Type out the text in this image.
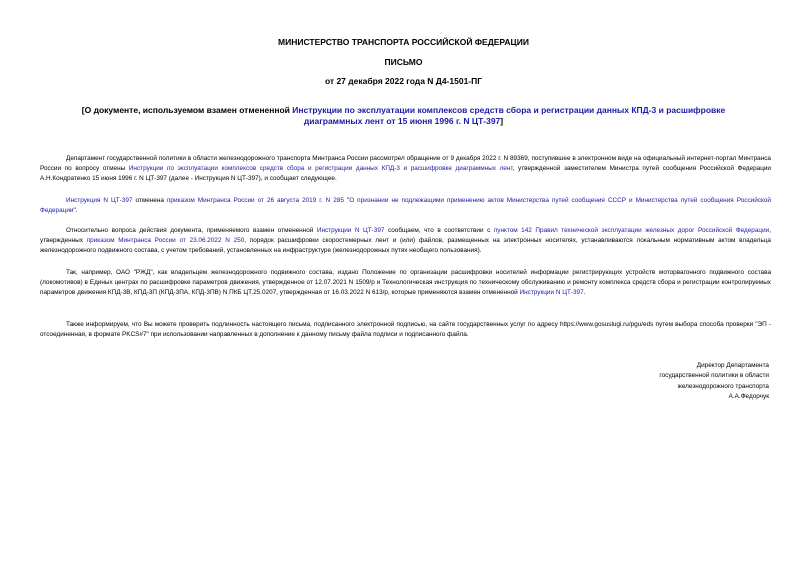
МИНИСТЕРСТВО ТРАНСПОРТА РОССИЙСКОЙ ФЕДЕРАЦИИ
ПИСЬМО
от 27 декабря 2022 года N Д4-1501-ПГ
[О документе, используемом взамен отмененной Инструкции по эксплуатации комплексов средств сбора и регистрации данных КПД-3 и расшифровке диаграммных лент от 15 июня 1996 г. N ЦТ-397]
Департамент государственной политики в области железнодорожного транспорта Минтранса России рассмотрел обращение от 9 декабря 2022 г. N 89369, поступившее в электронном виде на официальный интернет-портал Минтранса России по вопросу отмены Инструкции по эксплуатации комплексов средств сбора и регистрации данных КПД-3 и расшифровке диаграммных лент, утвержденной заместителем Министра путей сообщения Российской Федерации А.Н.Кондратенко 15 июня 1996 г. N ЦТ-397 (далее - Инструкция N ЦТ-397), и сообщает следующее.
Инструкция N ЦТ-397 отменена приказом Минтранса России от 26 августа 2019 г. N 285 "О признании не подлежащими применению актов Министерства путей сообщения СССР и Министерства путей сообщения Российской Федерации".
Относительно вопроса действия документа, применяемого взамен отмененной Инструкции N ЦТ-397 сообщаем, что в соответствии с пунктом 142 Правил технической эксплуатации железных дорог Российской Федерации, утвержденных приказом Минтранса России от 23.06.2022 N 250, порядок расшифровки скоростемерных лент и (или) файлов, размещенных на электронных носителях, устанавливаются локальным нормативным актом владельца железнодорожного подвижного состава, с учетом требований, установленных на инфраструктуре (железнодорожных путях необщего пользования).
Так, например, ОАО "РЖД", как владельцем железнодорожного подвижного состава, издано Положение по организации расшифровки носителей информации регистрирующих устройств моторвагонного подвижного состава (локомотивов) в Единых центрах по расшифровке параметров движения, утвержденное от 12.07.2021 N 1509/р и Технологическая инструкция по техническому обслуживанию и ремонту комплекса средств сбора и регистрации контролируемых параметров движения КПД-3В, КПД-3П (КПД-3ПА, КПД-3ПВ) N ПКБ ЦТ.25.0207, утвержденная от 16.03.2022 N 613/р, которые применяются взамен отмененной Инструкции N ЦТ-397.
Также информируем, что Вы можете проверить подлинность настоящего письма, подписанного электронной подписью, на сайте государственных услуг по адресу https://www.gosuslugi.ru/pgu/eds путем выбора способа проверки "ЭП - отсоединенная, в формате PKCS#7" при использовании направленных в дополнение к данному письму файла подписи и подписанного файла.
Директор Департамента
государственной политики в области
железнодорожного транспорта
А.А.Федорчук
